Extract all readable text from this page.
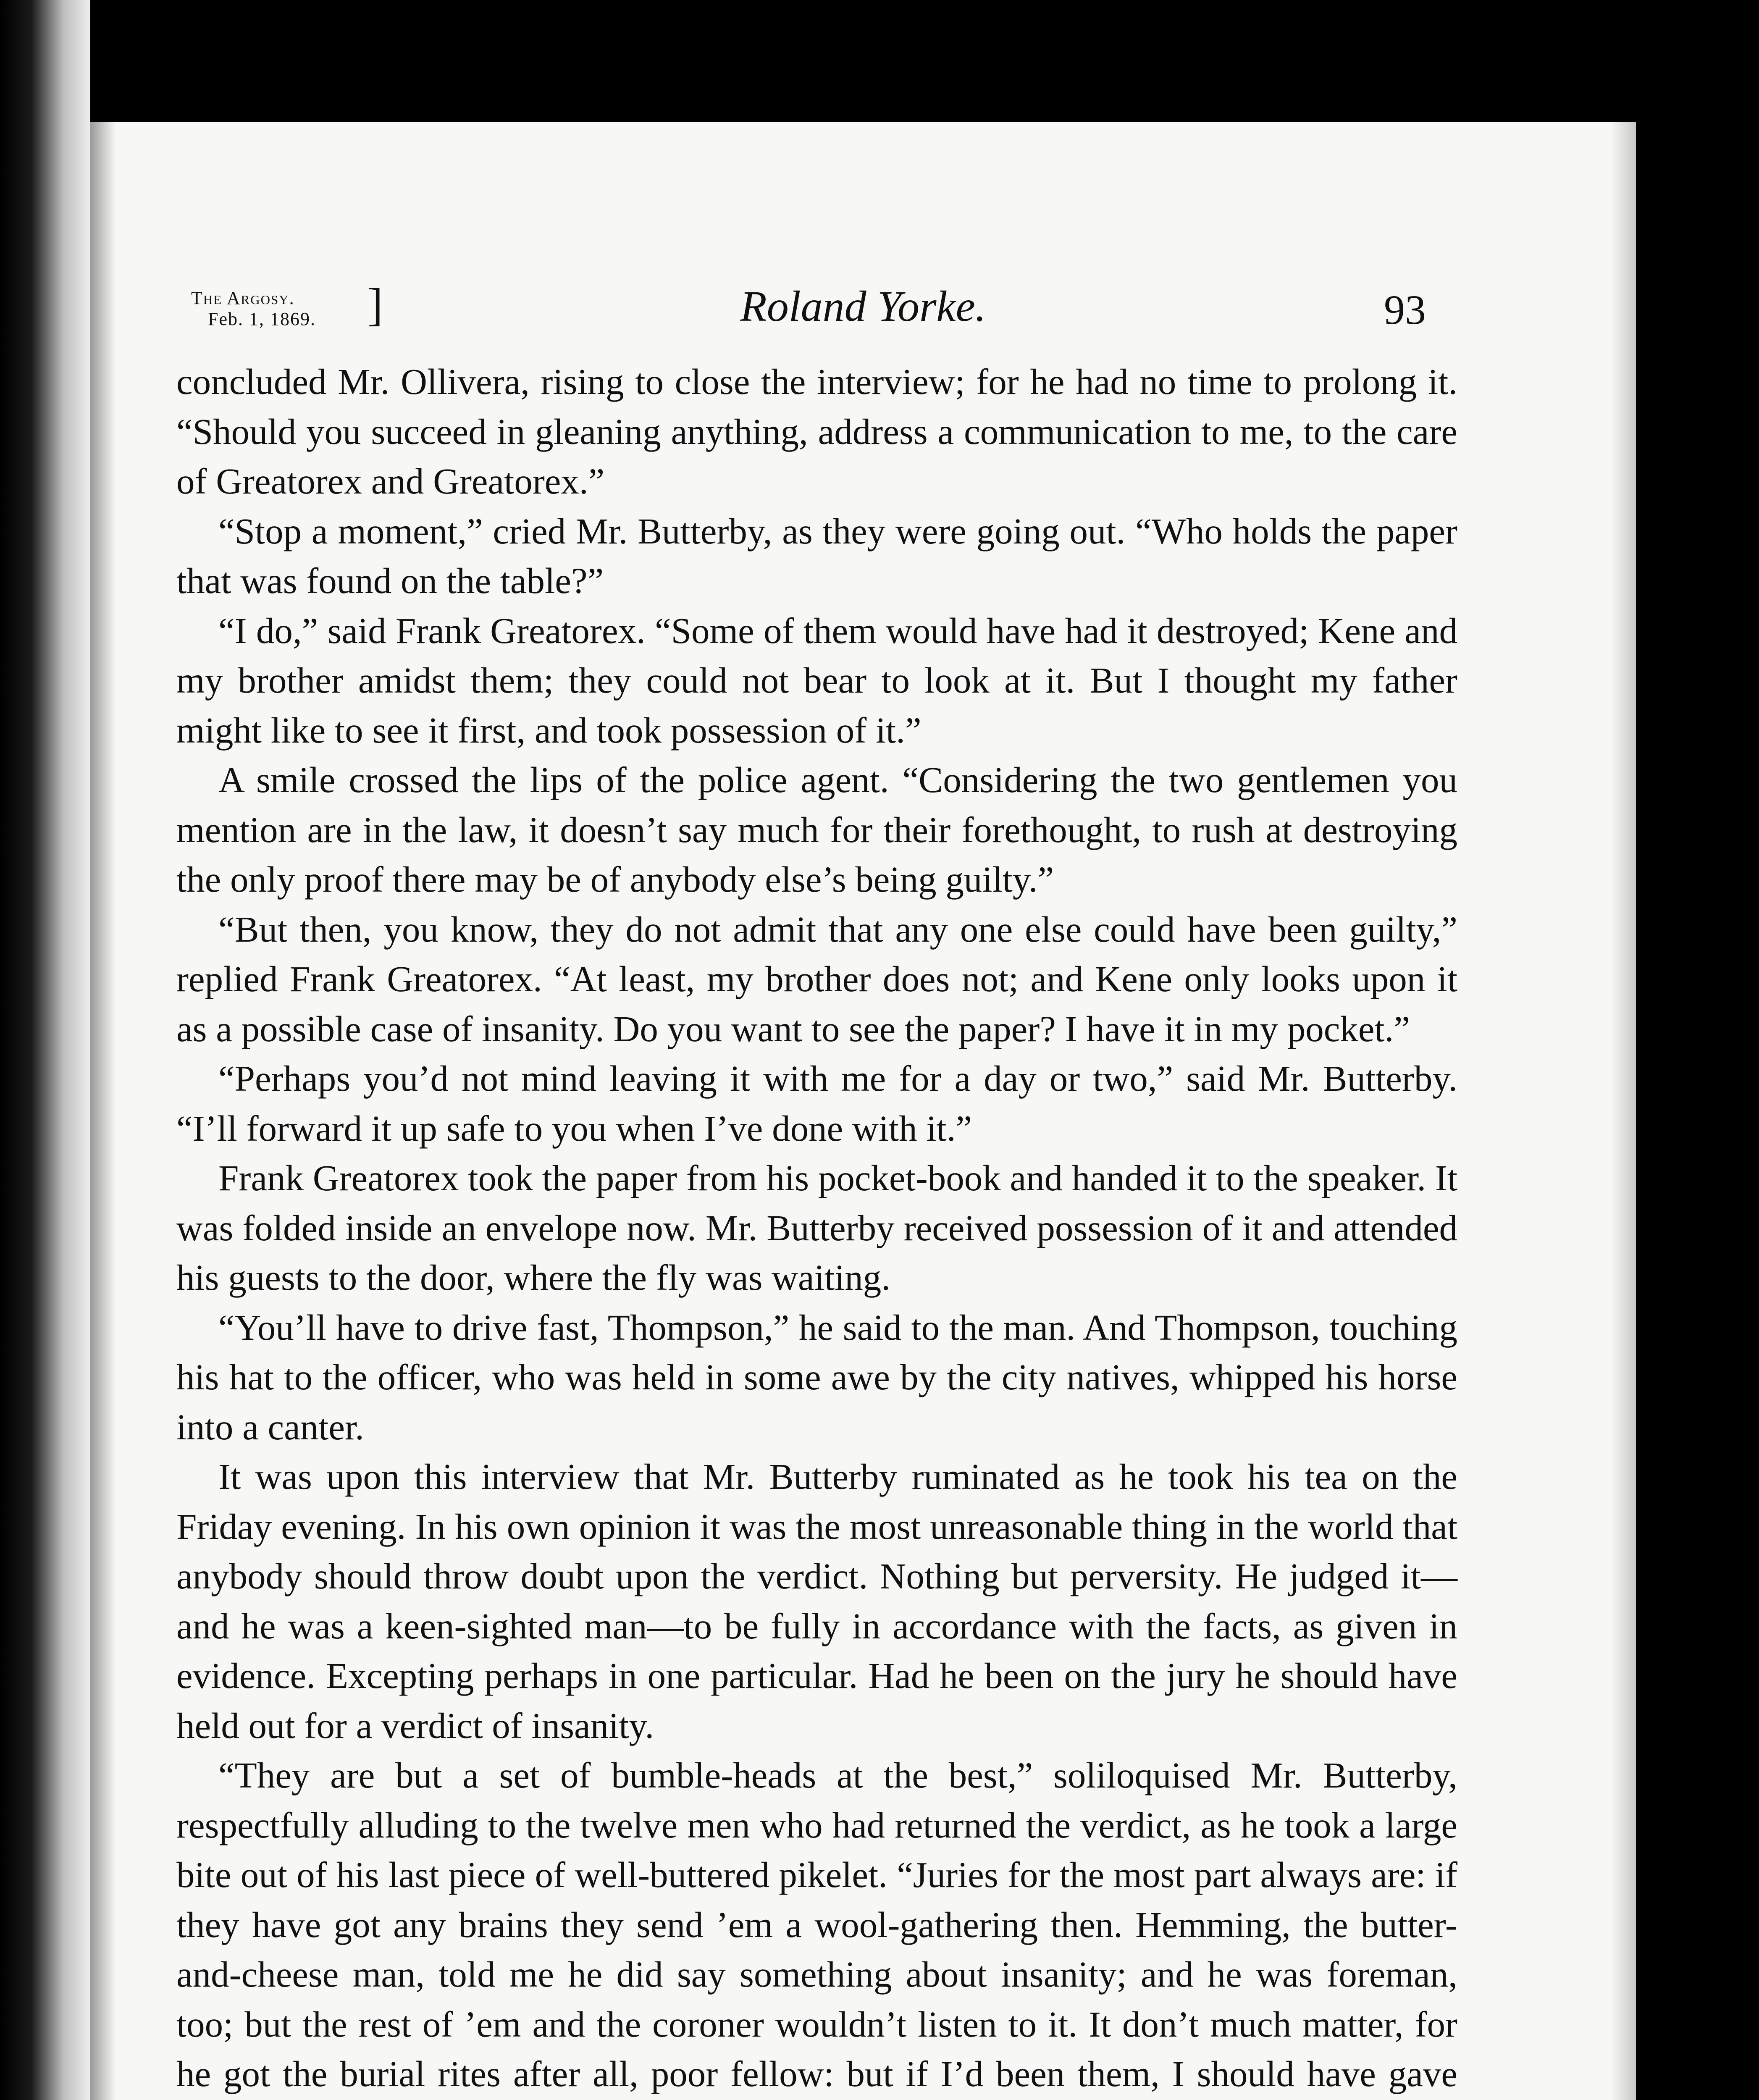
The Argosy.
Feb. 1, 1869. ]	Roland Yorke.	93

concluded Mr. Ollivera, rising to close the interview; for he had no time to prolong it. “Should you succeed in gleaning anything, address a communication to me, to the care of Greatorex and Greatorex.”

“Stop a moment,” cried Mr. Butterby, as they were going out. “Who holds the paper that was found on the table?”

“I do,” said Frank Greatorex. “Some of them would have had it destroyed; Kene and my brother amidst them; they could not bear to look at it. But I thought my father might like to see it first, and took possession of it.”

A smile crossed the lips of the police agent. “Considering the two gentlemen you mention are in the law, it doesn’t say much for their forethought, to rush at destroying the only proof there may be of anybody else’s being guilty.”

“But then, you know, they do not admit that any one else could have been guilty,” replied Frank Greatorex. “At least, my brother does not; and Kene only looks upon it as a possible case of insanity. Do you want to see the paper? I have it in my pocket.”

“Perhaps you’d not mind leaving it with me for a day or two,” said Mr. Butterby. “I’ll forward it up safe to you when I’ve done with it.”

Frank Greatorex took the paper from his pocket-book and handed it to the speaker. It was folded inside an envelope now. Mr. Butterby received possession of it and attended his guests to the door, where the fly was waiting.

“You’ll have to drive fast, Thompson,” he said to the man. And Thompson, touching his hat to the officer, who was held in some awe by the city natives, whipped his horse into a canter.

It was upon this interview that Mr. Butterby ruminated as he took his tea on the Friday evening. In his own opinion it was the most unreasonable thing in the world that anybody should throw doubt upon the verdict. Nothing but perversity. He judged it—and he was a keen-sighted man—to be fully in accordance with the facts, as given in evidence. Excepting perhaps in one particular. Had he been on the jury he should have held out for a verdict of insanity.

“They are but a set of bumble-heads at the best,” soliloquised Mr. Butterby, respectfully alluding to the twelve men who had returned the verdict, as he took a large bite out of his last piece of well-buttered pikelet. “Juries for the most part always are: if they have got any brains they send ’em a wool-gathering then. Hemming, the butter-and-cheese man, told me he did say something about insanity; and he was foreman, too; but the rest of ’em and the coroner wouldn’t listen to it. It don’t much matter, for he got the burial rites after all, poor fellow: but if I’d been them, I should have gave
